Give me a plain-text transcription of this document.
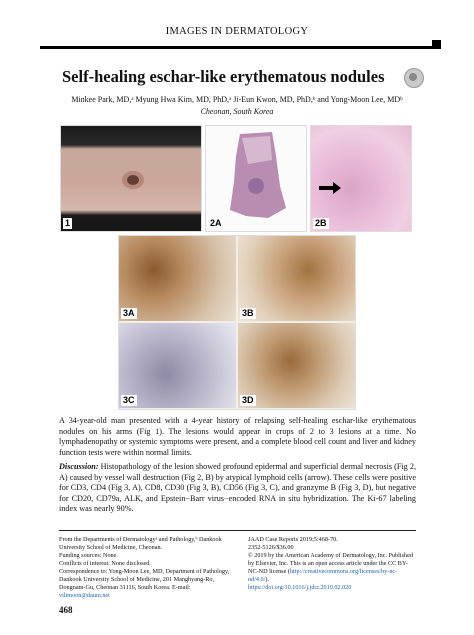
IMAGES IN DERMATOLOGY
Self-healing eschar-like erythematous nodules
Minkee Park, MD,ᵃ Myung Hwa Kim, MD, PhD,ᵃ Ji-Eun Kwon, MD, PhD,ᵇ and Yong-Moon Lee, MDᵇ
Cheonan, South Korea
1	2A	2B
3A	3B
3C	3D
A 34-year-old man presented with a 4-year history of relapsing self-healing eschar-like erythematous nodules on his arms (Fig 1). The lesions would appear in crops of 2 to 3 lesions at a time. No lymphadenopathy or systemic symptoms were present, and a complete blood cell count and liver and kidney function tests were within normal limits.
Discussion: Histopathology of the lesion showed profound epidermal and superficial dermal necrosis (Fig 2, A) caused by vessel wall destruction (Fig 2, B) by atypical lymphoid cells (arrow). These cells were positive for CD3, CD4 (Fig 3, A), CD8, CD30 (Fig 3, B), CD56 (Fig 3, C), and granzyme B (Fig 3, D), but negative for CD20, CD79a, ALK, and Epstein−Barr virus−encoded RNA in situ hybridization. The Ki-67 labeling index was nearly 90%.
From the Departments of Dermatologyᵃ and Pathology,ᵇ Dankook University School of Medicine, Cheonan.
Funding sources: None.
Conflicts of interest: None disclosed.
Correspondence to: Yong-Moon Lee, MD, Department of Pathology, Dankook University School of Medicine, 201 Manghyang-Ro, Dongnam-Gu, Cheonan 31116, South Korea. E-mail: vilimoon@daum.net
JAAD Case Reports 2019;5:468-70.
2352-5126/$36.00
© 2019 by the American Academy of Dermatology, Inc. Published by Elsevier, Inc. This is an open access article under the CC BY-NC-ND license (http://creativecommons.org/licenses/by-nc-nd/4.0/).
https://doi.org/10.1016/j.jdcr.2019.02.020
468
